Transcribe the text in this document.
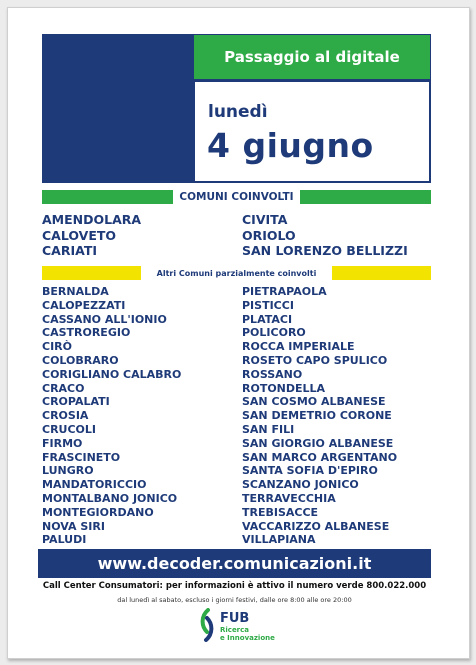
Passaggio al digitale
lunedì
4 giugno
COMUNI COINVOLTI
AMENDOLARA
CALOVETO
CARIATI
CIVITA
ORIOLO
SAN LORENZO BELLIZZI
Altri Comuni parzialmente coinvolti
BERNALDA
CALOPEZZATI
CASSANO ALL'IONIO
CASTROREGIO
CIRÒ
COLOBRARO
CORIGLIANO CALABRO
CRACO
CROPALATI
CROSIA
CRUCOLI
FIRMO
FRASCINETO
LUNGRO
MANDATORICCIO
MONTALBANO JONICO
MONTEGIORDANO
NOVA SIRI
PALUDI
PIETRAPAOLA
PISTICCI
PLATACI
POLICORO
ROCCA IMPERIALE
ROSETO CAPO SPULICO
ROSSANO
ROTONDELLA
SAN COSMO ALBANESE
SAN DEMETRIO CORONE
SAN FILI
SAN GIORGIO ALBANESE
SAN MARCO ARGENTANO
SANTA SOFIA D'EPIRO
SCANZANO JONICO
TERRAVECCHIA
TREBISACCE
VACCARIZZO ALBANESE
VILLAPIANA
www.decoder.comunicazioni.it
Call Center Consumatori: per informazioni è attivo il numero verde 800.022.000
dal lunedì al sabato, escluso i giorni festivi, dalle ore 8:00 alle ore 20:00
FUB
Ricerca
e Innovazione
